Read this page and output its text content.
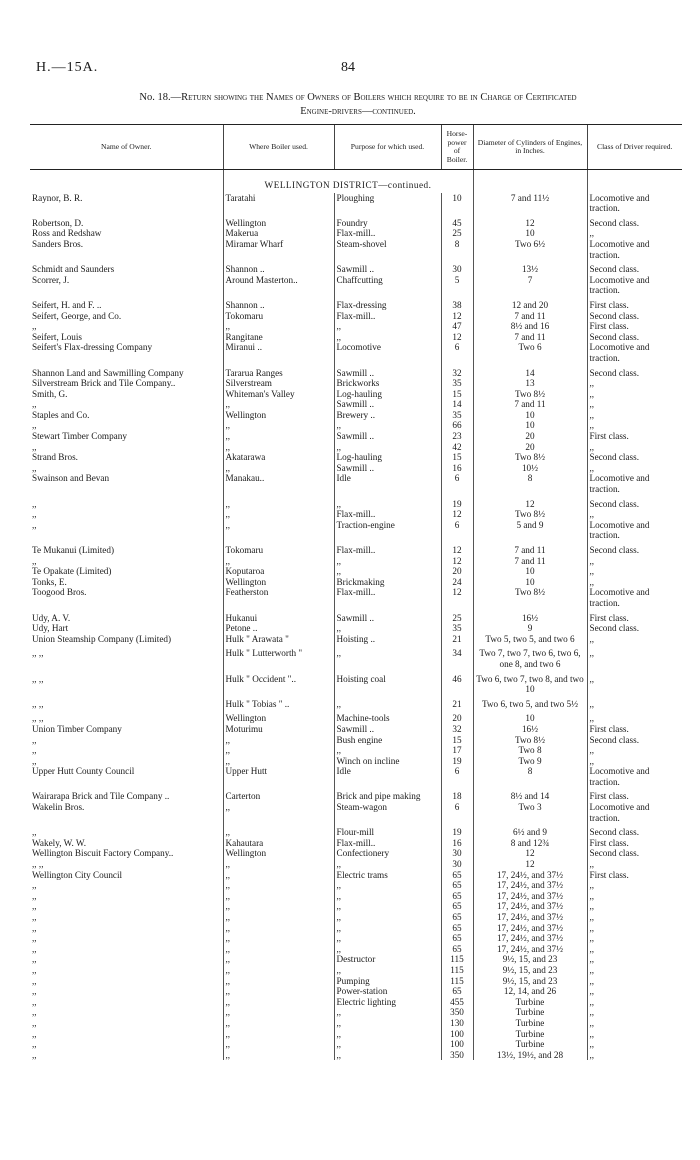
H.—15A.	84
No. 18.—Return showing the Names of Owners of Boilers which require to be in Charge of Certificated
Engine-drivers—continued.
Name of Owner.	Where Boiler used.	Purpose for which used.	Horse-power of Boiler.	Diameter of Cylinders of Engines, in Inches.	Class of Driver required.
	WELLINGTON DISTRICT—continued.				
Raynor, B. R.	Taratahi	Ploughing	10	7 and 11½	Locomotive and traction.

Robertson, D.	Wellington	Foundry	45	12	Second class.
Ross and Redshaw	Makerua	Flax-mill..	25	10	,,
Sanders Bros.	Miramar Wharf	Steam-shovel	8	Two 6½	Locomotive and traction.

Schmidt and Saunders	Shannon ..	Sawmill ..	30	13½	Second class.
Scorrer, J.	Around Masterton..	Chaffcutting	5	7	Locomotive and traction.

Seifert, H. and F. ..	Shannon ..	Flax-dressing	38	12 and 20	First class.
Seifert, George, and Co.	Tokomaru	Flax-mill..	12	7 and 11	Second class.
,,	,,	,,	47	8½ and 16	First class.
Seifert, Louis	Rangitane	,,	12	7 and 11	Second class.
Seifert's Flax-dressing Company	Miranui ..	Locomotive	6	Two 6	Locomotive and traction.

Shannon Land and Sawmilling Company	Tararua Ranges	Sawmill ..	32	14	Second class.
Silverstream Brick and Tile Company..	Silverstream	Brickworks	35	13	,,
Smith, G.	Whiteman's Valley	Log-hauling	15	Two 8½	,,
,,	,,	Sawmill ..	14	7 and 11	,,
Staples and Co.	Wellington	Brewery ..	35	10	,,
,,	,,	,,	66	10	,,
Stewart Timber Company	,,	Sawmill ..	23	20	First class.
,,	,,	,,	42	20	,,
Strand Bros.	Akatarawa	Log-hauling	15	Two 8½	Second class.
,,	,,	Sawmill ..	16	10½	,,
Swainson and Bevan	Manakau..	Idle	6	8	Locomotive and traction.

,,	,,	,,	19	12	Second class.
,,	,,	Flax-mill..	12	Two 8½	,,
,,	,,	Traction-engine	6	5 and 9	Locomotive and traction.

Te Mukanui (Limited)	Tokomaru	Flax-mill..	12	7 and 11	Second class.
,,	,,	,,	12	7 and 11	,,
Te Opakate (Limited)	Koputaroa	,,	20	10	,,
Tonks, E.	Wellington	Brickmaking	24	10	,,
Toogood Bros.	Featherston	Flax-mill..	12	Two 8½	Locomotive and traction.

Udy, A. V.	Hukanui	Sawmill ..	25	16½	First class.
Udy, Hart	Petone ..	,,	35	9	Second class.
Union Steamship Company (Limited)	Hulk " Arawata "	Hoisting ..	21	Two 5, two 5, and two 6	,,

,, ,,	Hulk " Lutterworth "	,,	34	Two 7, two 7, two 6, two 6, one 8, and two 6	,,

,, ,,	Hulk " Occident "..	Hoisting coal	46	Two 6, two 7, two 8, and two 10	,,

,, ,,	Hulk " Tobias " ..	,,	21	Two 6, two 5, and two 5½	,,

,, ,,	Wellington	Machine-tools	20	10	,,
Union Timber Company	Moturimu	Sawmill ..	32	16½	First class.
,,	,,	Bush engine	15	Two 8½	Second class.
,,	,,	,,	17	Two 8	,,
,,	,,	Winch on incline	19	Two 9	,,
Upper Hutt County Council	Upper Hutt	Idle	6	8	Locomotive and traction.

Wairarapa Brick and Tile Company ..	Carterton	Brick and pipe making	18	8½ and 14	First class.
Wakelin Bros.	,,	Steam-wagon	6	Two 3	Locomotive and traction.

,,	,,	Flour-mill	19	6½ and 9	Second class.
Wakely, W. W.	Kahautara	Flax-mill..	16	8 and 12¾	First class.
Wellington Biscuit Factory Company..	Wellington	Confectionery	30	12	Second class.
,, ,,	,,	,,	30	12	,,
Wellington City Council	,,	Electric trams	65	17, 24½, and 37½	First class.
,,	,,	,,	65	17, 24½, and 37½	,,
,,	,,	,,	65	17, 24½, and 37½	,,
,,	,,	,,	65	17, 24½, and 37½	,,
,,	,,	,,	65	17, 24½, and 37½	,,
,,	,,	,,	65	17, 24½, and 37½	,,
,,	,,	,,	65	17, 24½, and 37½	,,
,,	,,	,,	65	17, 24½, and 37½	,,
,,	,,	Destructor	115	9½, 15, and 23	,,
,,	,,	,,	115	9½, 15, and 23	,,
,,	,,	Pumping	115	9½, 15, and 23	,,
,,	,,	Power-station	65	12, 14, and 26	,,
,,	,,	Electric lighting	455	Turbine	,,
,,	,,	,,	350	Turbine	,,
,,	,,	,,	130	Turbine	,,
,,	,,	,,	100	Turbine	,,
,,	,,	,,	100	Turbine	,,
,,	,,	,,	350	13½, 19½, and 28	,,
